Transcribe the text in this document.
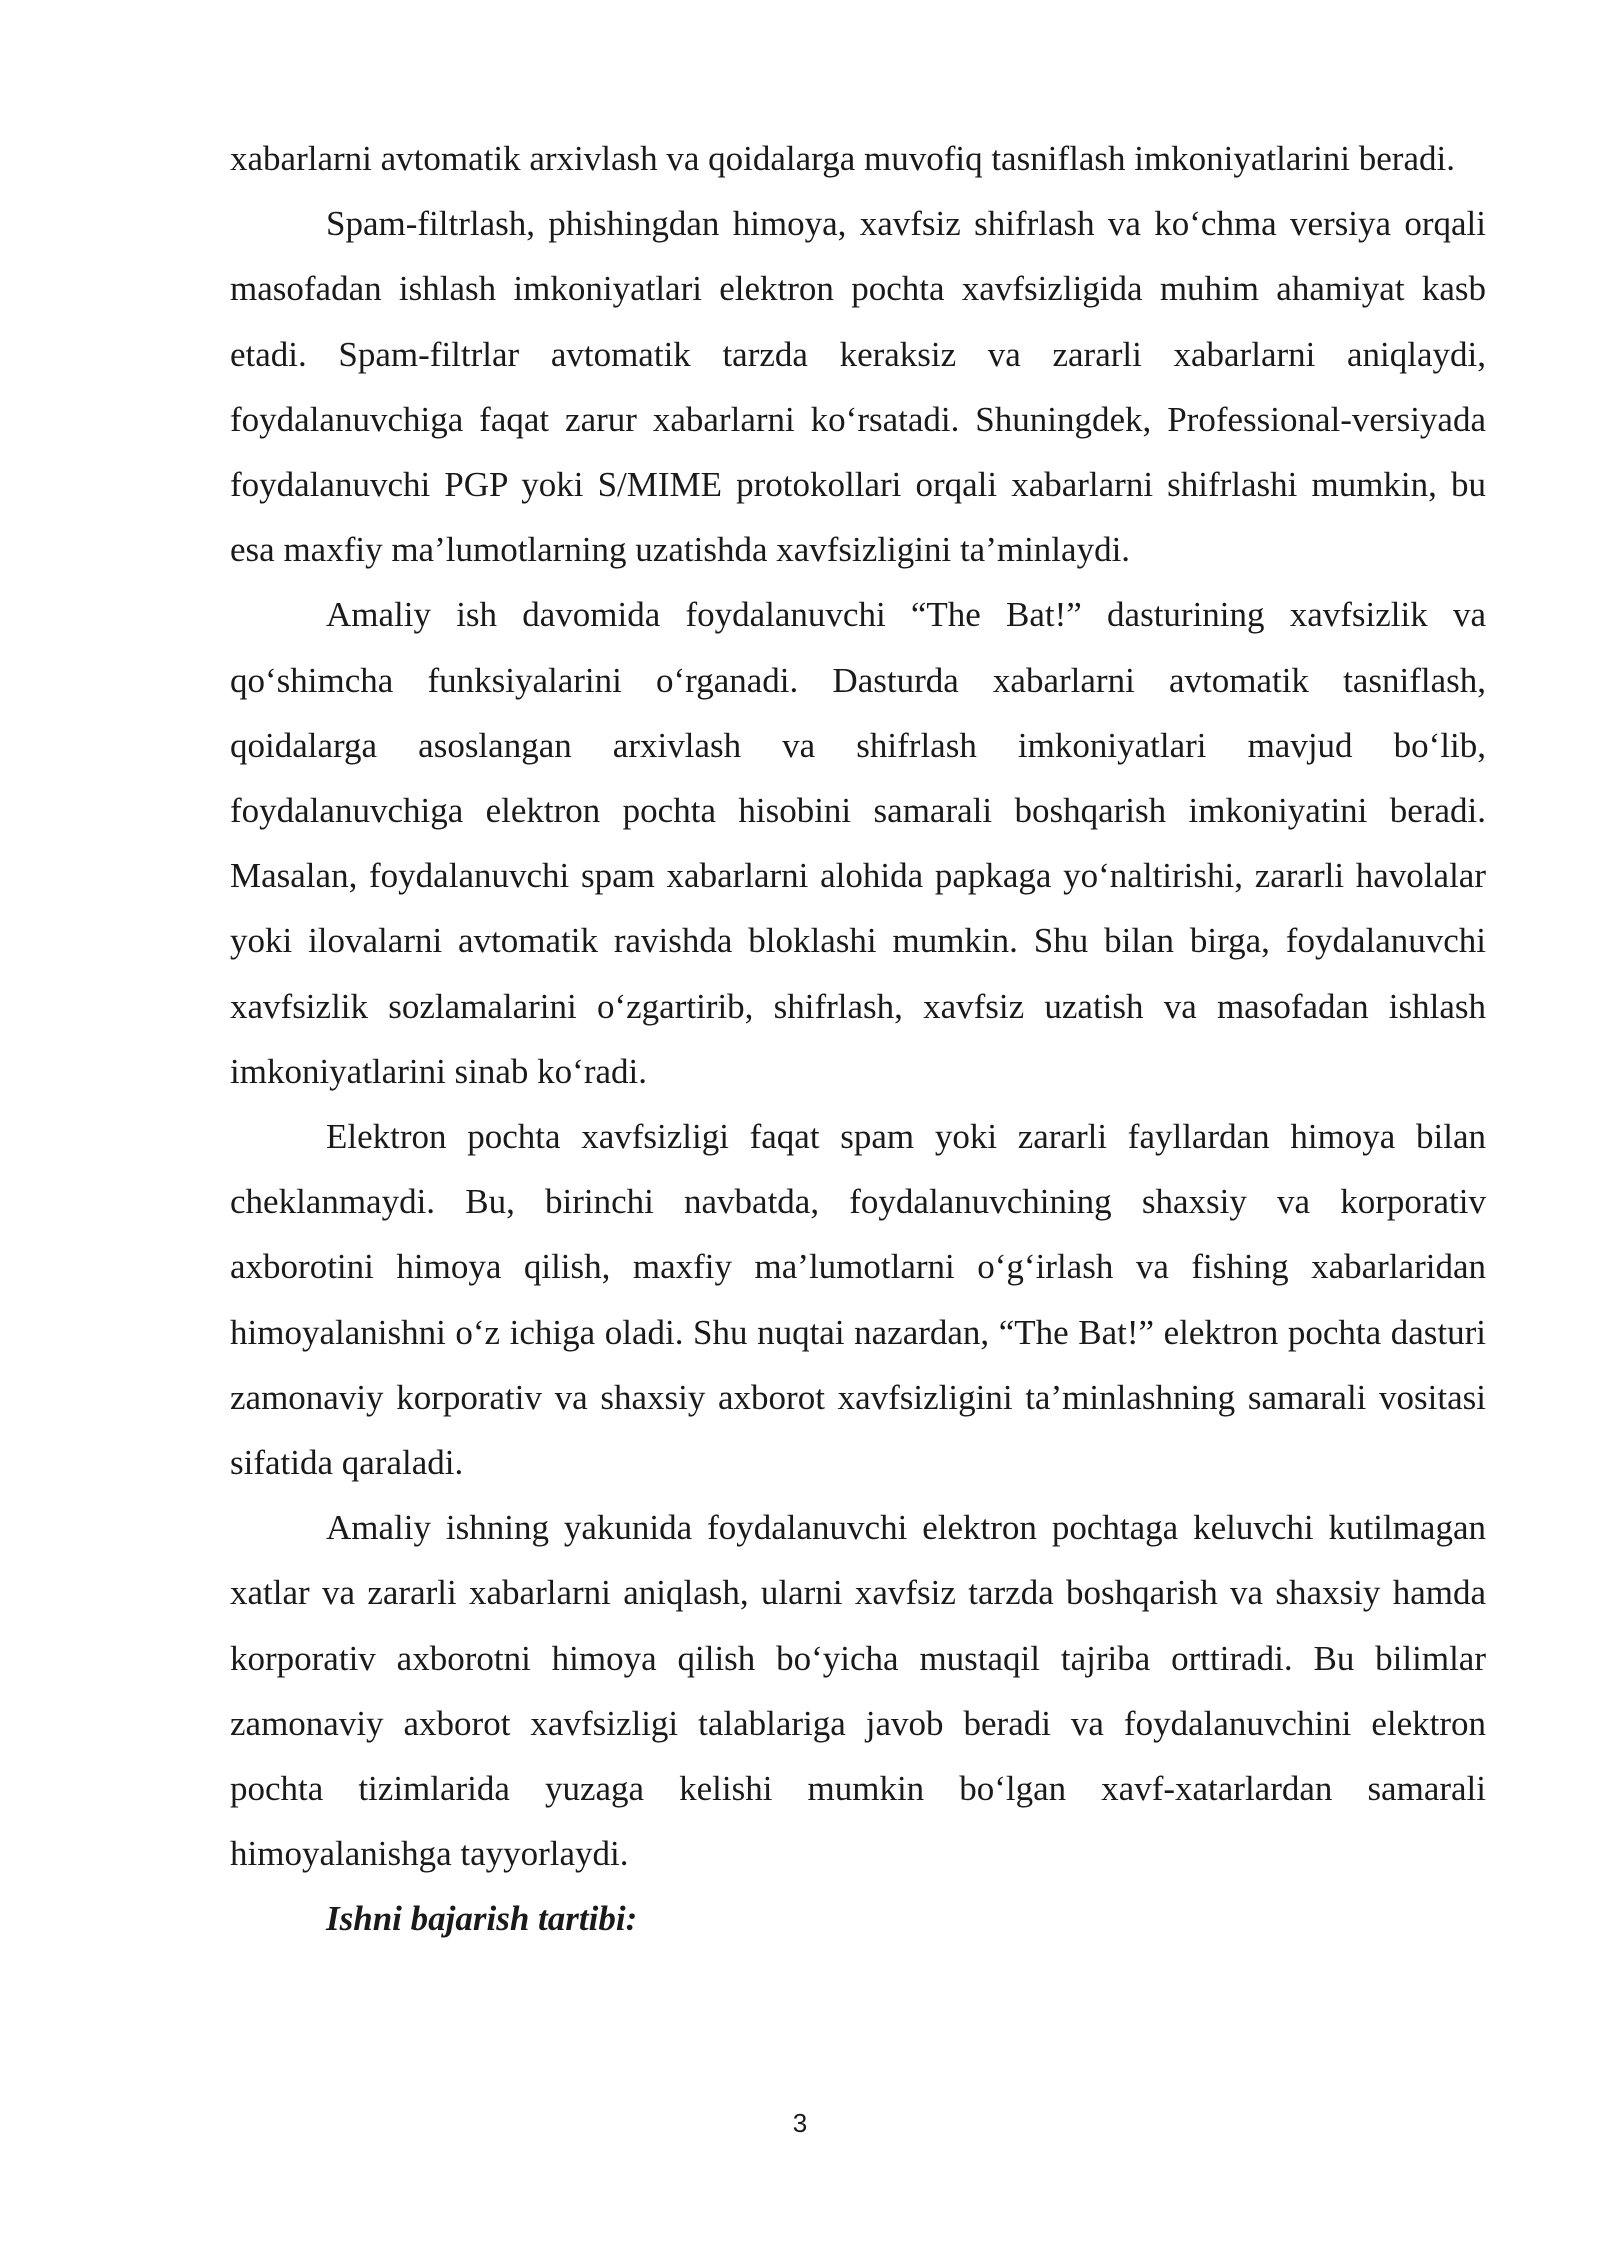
xabarlarni avtomatik arxivlash va qoidalarga muvofiq tasniflash imkoniyatlarini beradi.

Spam-filtrlash, phishingdan himoya, xavfsiz shifrlash va ko‘chma versiya orqali masofadan ishlash imkoniyatlari elektron pochta xavfsizligida muhim ahamiyat kasb etadi. Spam-filtrlar avtomatik tarzda keraksiz va zararli xabarlarni aniqlaydi, foydalanuvchiga faqat zarur xabarlarni ko‘rsatadi. Shuningdek, Professional-versiyada foydalanuvchi PGP yoki S/MIME protokollari orqali xabarlarni shifrlashi mumkin, bu esa maxfiy ma’lumotlarning uzatishda xavfsizligini ta’minlaydi.

Amaliy ish davomida foydalanuvchi “The Bat!” dasturining xavfsizlik va qo‘shimcha funksiyalarini o‘rganadi. Dasturda xabarlarni avtomatik tasniflash, qoidalarga asoslangan arxivlash va shifrlash imkoniyatlari mavjud bo‘lib, foydalanuvchiga elektron pochta hisobini samarali boshqarish imkoniyatini beradi. Masalan, foydalanuvchi spam xabarlarni alohida papkaga yo‘naltirishi, zararli havolalar yoki ilovalarni avtomatik ravishda bloklashi mumkin. Shu bilan birga, foydalanuvchi xavfsizlik sozlamalarini o‘zgartirib, shifrlash, xavfsiz uzatish va masofadan ishlash imkoniyatlarini sinab ko‘radi.

Elektron pochta xavfsizligi faqat spam yoki zararli fayllardan himoya bilan cheklanmaydi. Bu, birinchi navbatda, foydalanuvchining shaxsiy va korporativ axborotini himoya qilish, maxfiy ma’lumotlarni o‘g‘irlash va fishing xabarlaridan himoyalanishni o‘z ichiga oladi. Shu nuqtai nazardan, “The Bat!” elektron pochta dasturi zamonaviy korporativ va shaxsiy axborot xavfsizligini ta’minlashning samarali vositasi sifatida qaraladi.

Amaliy ishning yakunida foydalanuvchi elektron pochtaga keluvchi kutilmagan xatlar va zararli xabarlarni aniqlash, ularni xavfsiz tarzda boshqarish va shaxsiy hamda korporativ axborotni himoya qilish bo‘yicha mustaqil tajriba orttiradi. Bu bilimlar zamonaviy axborot xavfsizligi talablariga javob beradi va foydalanuvchini elektron pochta tizimlarida yuzaga kelishi mumkin bo‘lgan xavf-xatarlardan samarali himoyalanishga tayyorlaydi.

Ishni bajarish tartibi:

3
